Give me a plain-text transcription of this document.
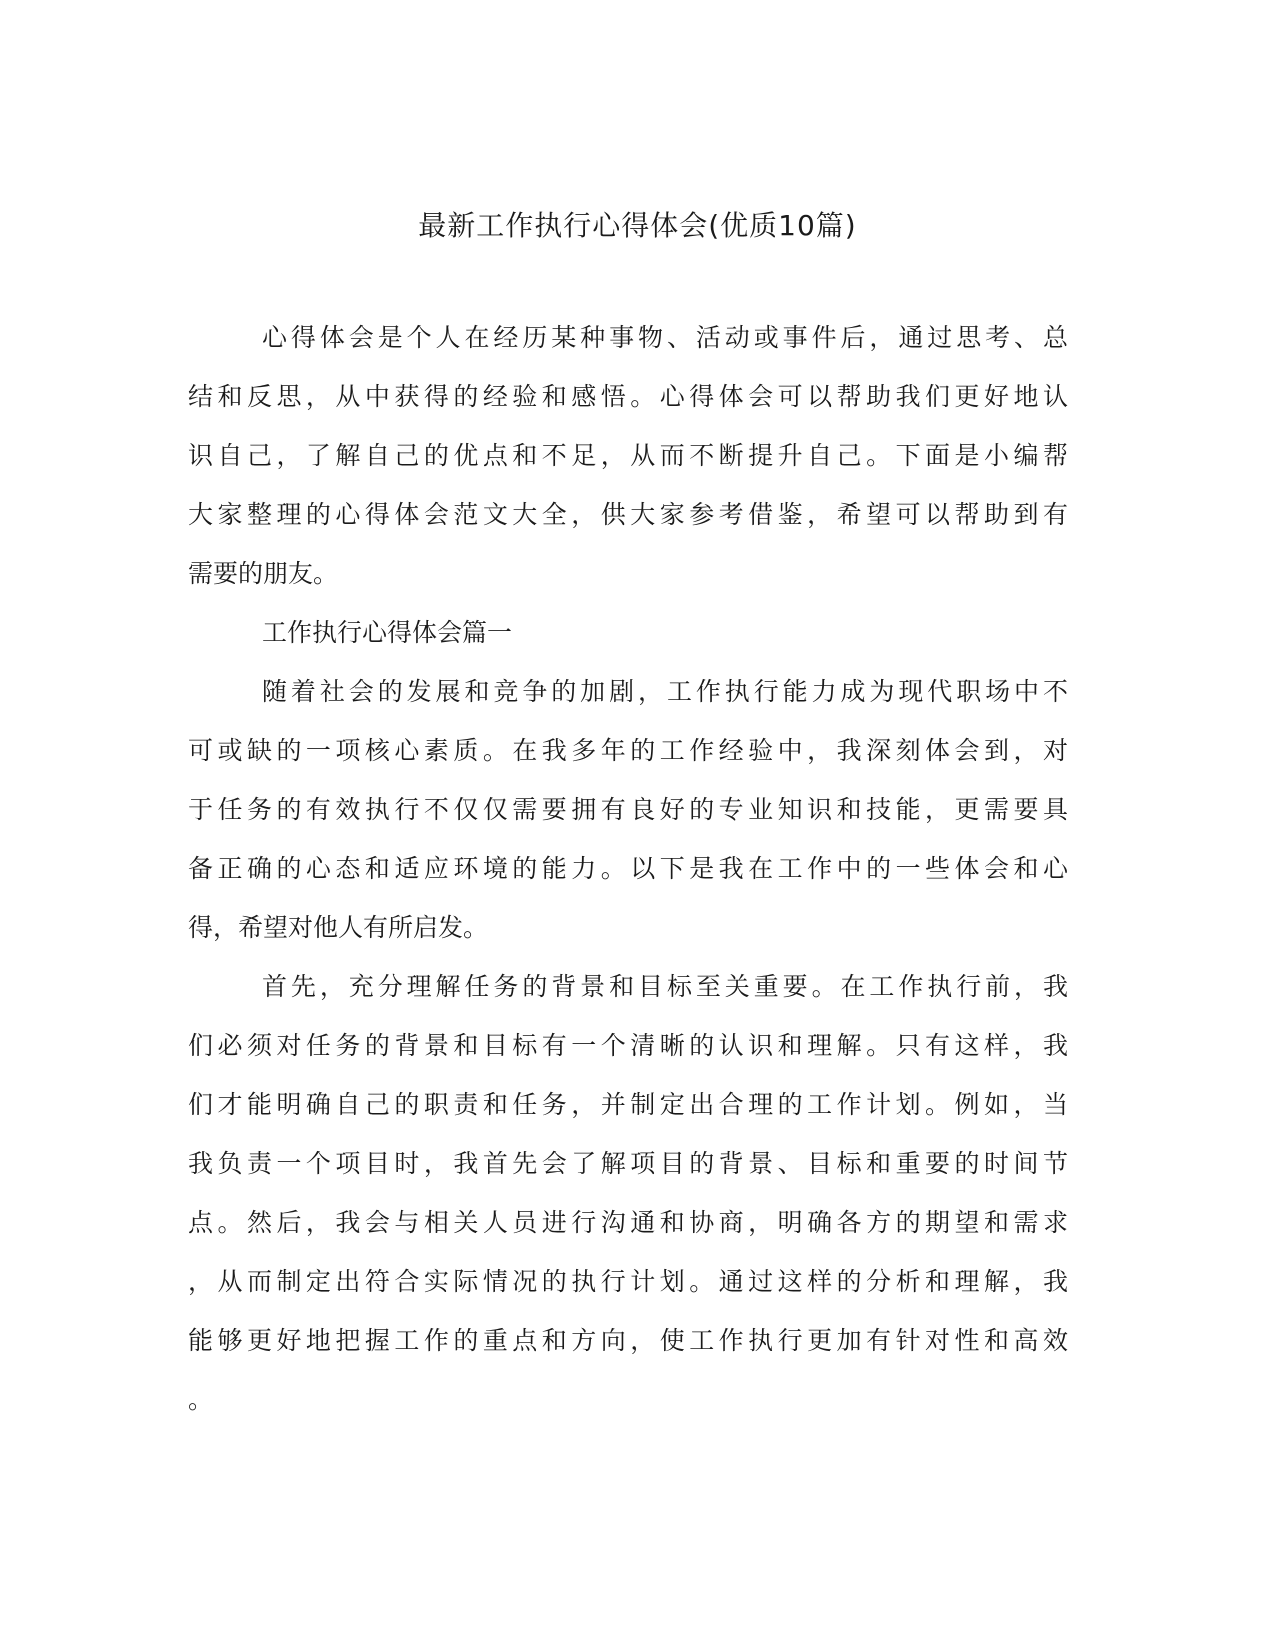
最新工作执行心得体会(优质10篇)
心得体会是个人在经历某种事物、活动或事件后，通过思考、总
结和反思，从中获得的经验和感悟。心得体会可以帮助我们更好地认
识自己，了解自己的优点和不足，从而不断提升自己。下面是小编帮
大家整理的心得体会范文大全，供大家参考借鉴，希望可以帮助到有
需要的朋友。
工作执行心得体会篇一
随着社会的发展和竞争的加剧，工作执行能力成为现代职场中不
可或缺的一项核心素质。在我多年的工作经验中，我深刻体会到，对
于任务的有效执行不仅仅需要拥有良好的专业知识和技能，更需要具
备正确的心态和适应环境的能力。以下是我在工作中的一些体会和心
得，希望对他人有所启发。
首先，充分理解任务的背景和目标至关重要。在工作执行前，我
们必须对任务的背景和目标有一个清晰的认识和理解。只有这样，我
们才能明确自己的职责和任务，并制定出合理的工作计划。例如，当
我负责一个项目时，我首先会了解项目的背景、目标和重要的时间节
点。然后，我会与相关人员进行沟通和协商，明确各方的期望和需求
，从而制定出符合实际情况的执行计划。通过这样的分析和理解，我
能够更好地把握工作的重点和方向，使工作执行更加有针对性和高效
。
